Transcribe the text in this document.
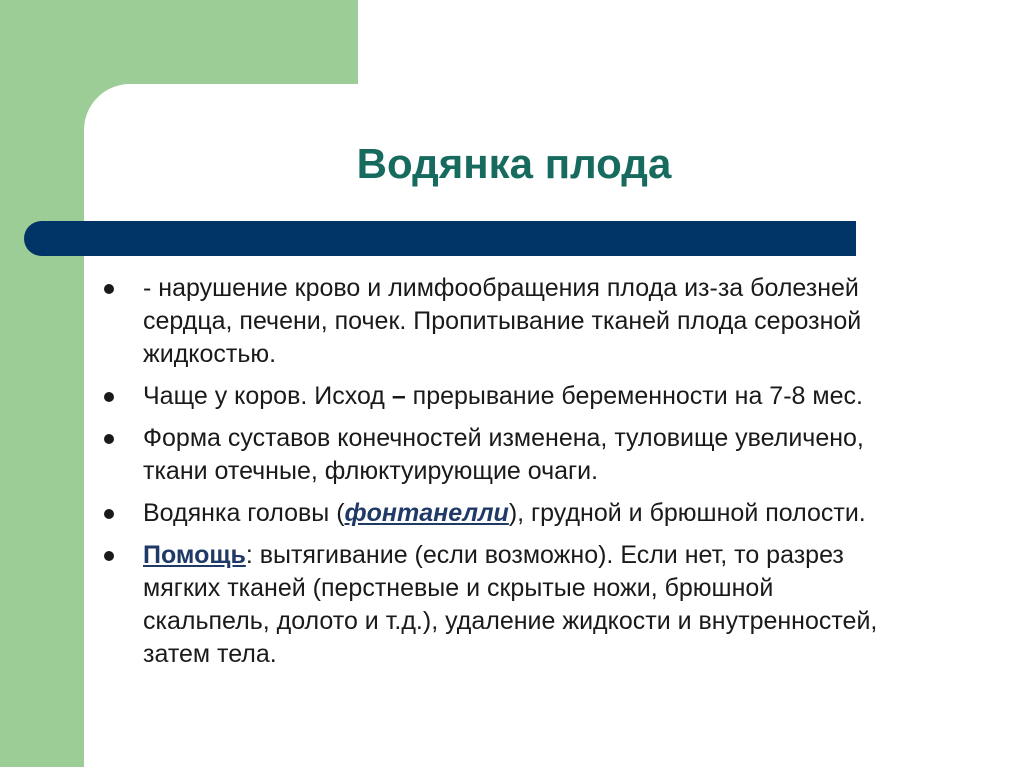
Водянка плода
- нарушение крово и лимфообращения плода из-за болезней сердца, печени, почек. Пропитывание тканей плода серозной жидкостью.
Чаще у коров. Исход – прерывание беременности на 7-8 мес.
Форма суставов конечностей изменена, туловище увеличено, ткани отечные, флюктуирующие очаги.
Водянка головы (фонтанелли), грудной и брюшной полости.
Помощь: вытягивание (если возможно). Если нет, то разрез мягких тканей (перстневые и скрытые ножи, брюшной скальпель, долото и т.д.), удаление жидкости и внутренностей, затем тела.
